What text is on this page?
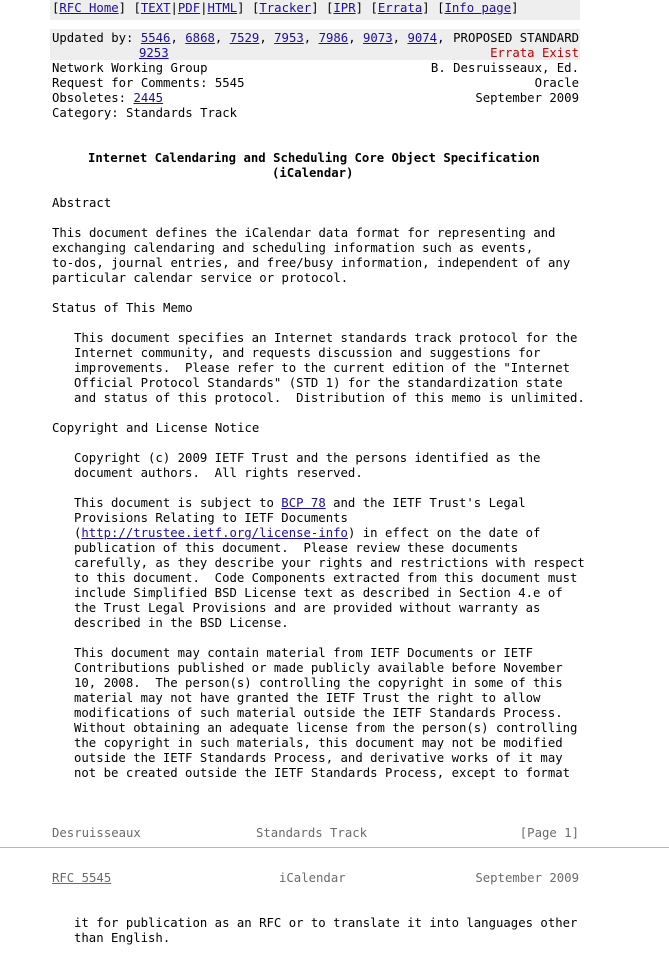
[RFC Home] [TEXT|PDF|HTML] [Tracker] [IPR] [Errata] [Info page]
Updated by: 5546, 6868, 7529, 7953, 7986, 9073, 9074, PROPOSED STANDARD
9253	Errata Exist
Network Working Group	B. Desruisseaux, Ed.
Request for Comments: 5545	Oracle
Obsoletes: 2445	September 2009
Category: Standards Track
Internet Calendaring and Scheduling Core Object Specification
(iCalendar)
Abstract
This document defines the iCalendar data format for representing and
exchanging calendaring and scheduling information such as events,
to-dos, journal entries, and free/busy information, independent of any
particular calendar service or protocol.
Status of This Memo
This document specifies an Internet standards track protocol for the
Internet community, and requests discussion and suggestions for
improvements.  Please refer to the current edition of the "Internet
Official Protocol Standards" (STD 1) for the standardization state
and status of this protocol.  Distribution of this memo is unlimited.
Copyright and License Notice
Copyright (c) 2009 IETF Trust and the persons identified as the
document authors.  All rights reserved.
This document is subject to BCP 78 and the IETF Trust's Legal
Provisions Relating to IETF Documents
(http://trustee.ietf.org/license-info) in effect on the date of
publication of this document.  Please review these documents
carefully, as they describe your rights and restrictions with respect
to this document.  Code Components extracted from this document must
include Simplified BSD License text as described in Section 4.e of
the Trust Legal Provisions and are provided without warranty as
described in the BSD License.
This document may contain material from IETF Documents or IETF
Contributions published or made publicly available before November
10, 2008.  The person(s) controlling the copyright in some of this
material may not have granted the IETF Trust the right to allow
modifications of such material outside the IETF Standards Process.
Without obtaining an adequate license from the person(s) controlling
the copyright in such materials, this document may not be modified
outside the IETF Standards Process, and derivative works of it may
not be created outside the IETF Standards Process, except to format
Desruisseaux	Standards Track	[Page 1]
RFC 5545	iCalendar	September 2009
it for publication as an RFC or to translate it into languages other
than English.
